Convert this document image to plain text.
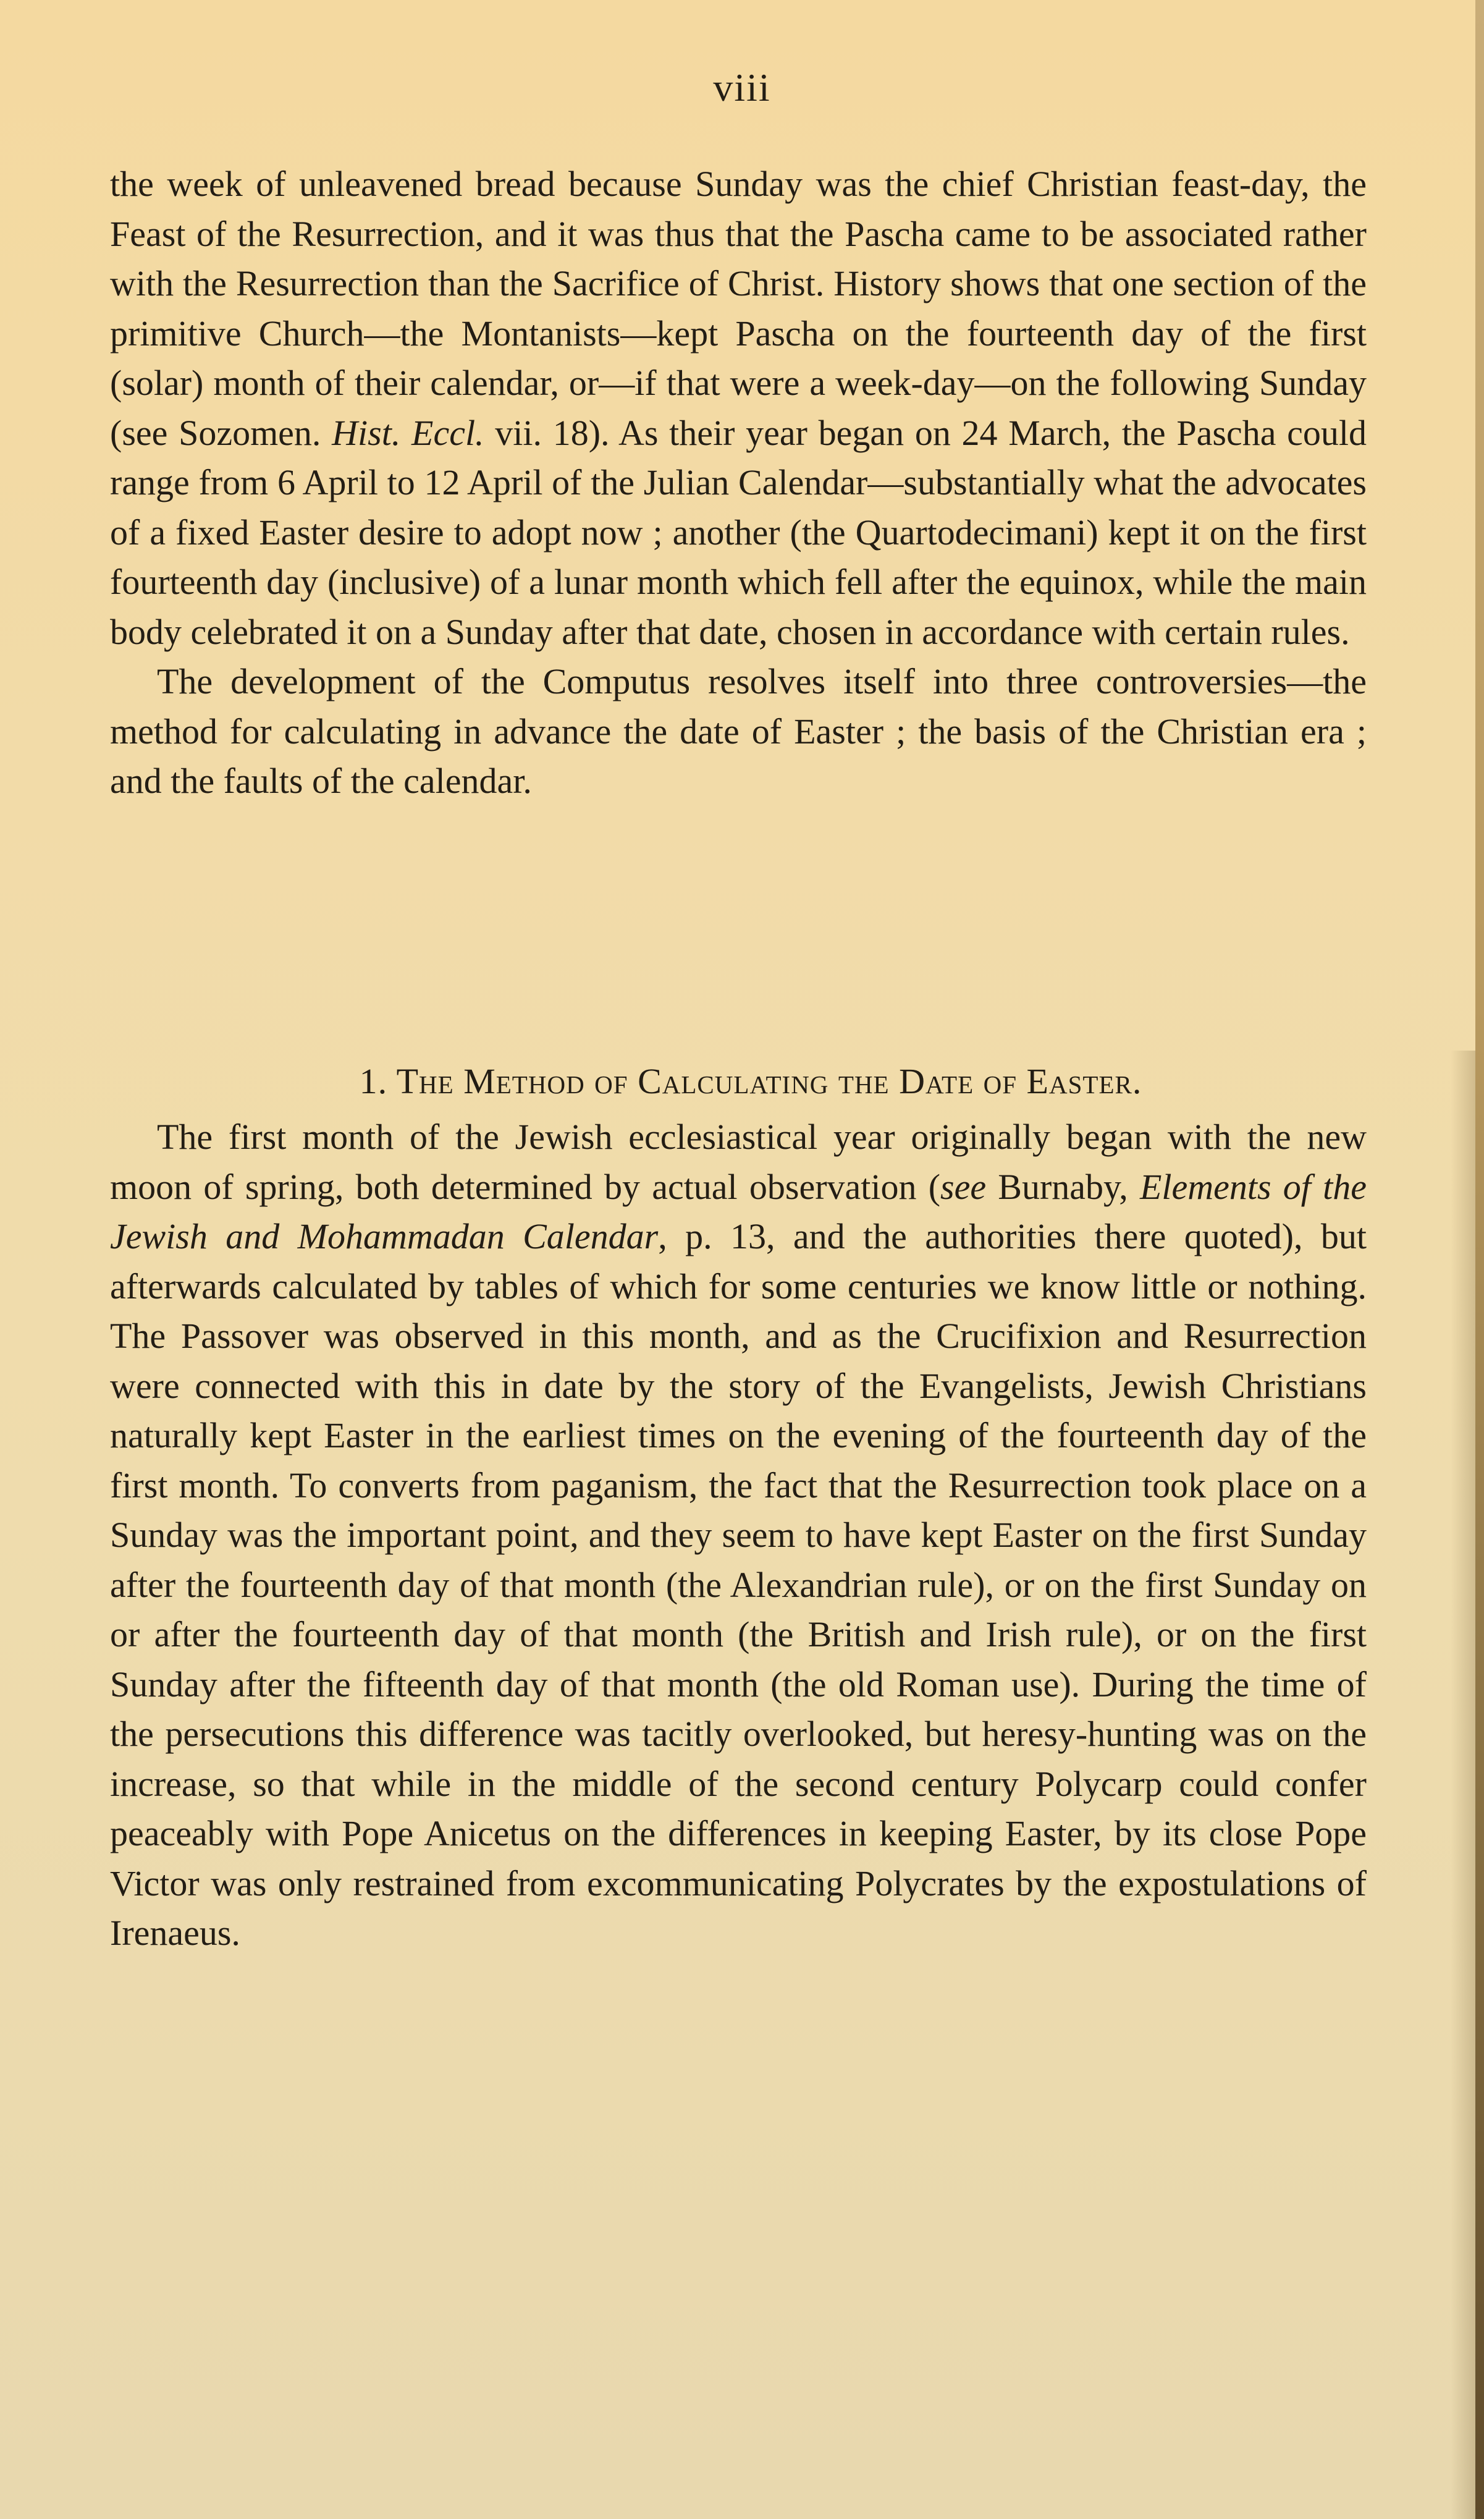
viii

the week of unleavened bread because Sunday was the chief Christian feast-day, the Feast of the Resurrection, and it was thus that the Pascha came to be associated rather with the Resurrection than the Sacrifice of Christ. History shows that one section of the primitive Church—the Montanists—kept Pascha on the fourteenth day of the first (solar) month of their calendar, or—if that were a week-day—on the following Sunday (see Sozomen. Hist. Eccl. vii. 18). As their year began on 24 March, the Pascha could range from 6 April to 12 April of the Julian Calendar—substantially what the advocates of a fixed Easter desire to adopt now ; another (the Quartodecimani) kept it on the first fourteenth day (inclusive) of a lunar month which fell after the equinox, while the main body celebrated it on a Sunday after that date, chosen in accordance with certain rules.

The development of the Computus resolves itself into three controversies—the method for calculating in advance the date of Easter ; the basis of the Christian era ; and the faults of the calendar.

1. The Method of Calculating the Date of Easter.

The first month of the Jewish ecclesiastical year originally began with the new moon of spring, both determined by actual observation (see Burnaby, Elements of the Jewish and Mohammadan Calendar, p. 13, and the authorities there quoted), but afterwards calculated by tables of which for some centuries we know little or nothing. The Passover was observed in this month, and as the Crucifixion and Resurrection were connected with this in date by the story of the Evangelists, Jewish Christians naturally kept Easter in the earliest times on the evening of the fourteenth day of the first month. To converts from paganism, the fact that the Resurrection took place on a Sunday was the important point, and they seem to have kept Easter on the first Sunday after the fourteenth day of that month (the Alexandrian rule), or on the first Sunday on or after the fourteenth day of that month (the British and Irish rule), or on the first Sunday after the fifteenth day of that month (the old Roman use). During the time of the persecutions this difference was tacitly overlooked, but heresy-hunting was on the increase, so that while in the middle of the second century Polycarp could confer peaceably with Pope Anicetus on the differences in keeping Easter, by its close Pope Victor was only restrained from excommunicating Polycrates by the expostulations of Irenaeus.
